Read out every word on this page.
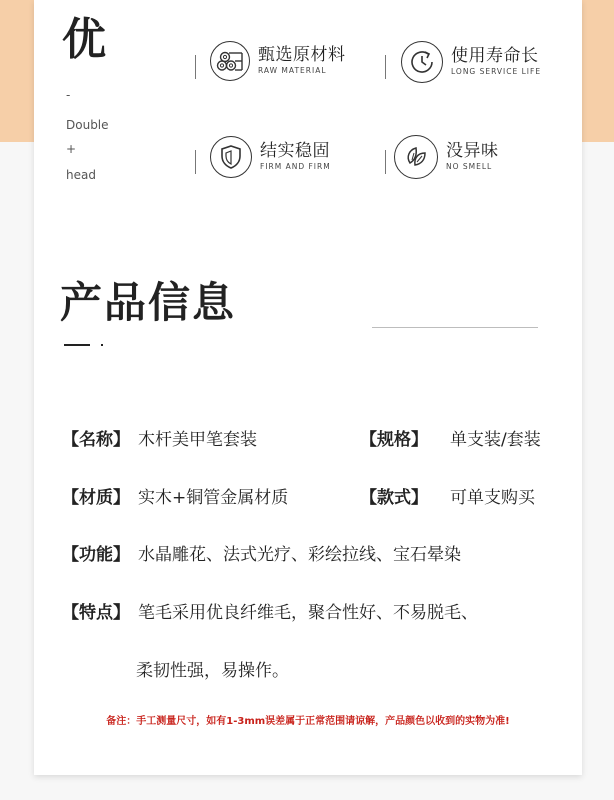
优
-
Double
+
head
甄选原材料
RAW MATERIAL
使用寿命长
LONG SERVICE LIFE
结实稳固
FIRM AND FIRM
没异味
NO SMELL
产品信息
【名称】 木杆美甲笔套装	【规格】 单支装/套装
【材质】 实木+铜管金属材质	【款式】 可单支购买
【功能】 水晶雕花、法式光疗、彩绘拉线、宝石晕染
【特点】 笔毛采用优良纤维毛，聚合性好、不易脱毛、
柔韧性强，易操作。
备注：手工测量尺寸，如有1-3mm误差属于正常范围请谅解，产品颜色以收到的实物为准!
